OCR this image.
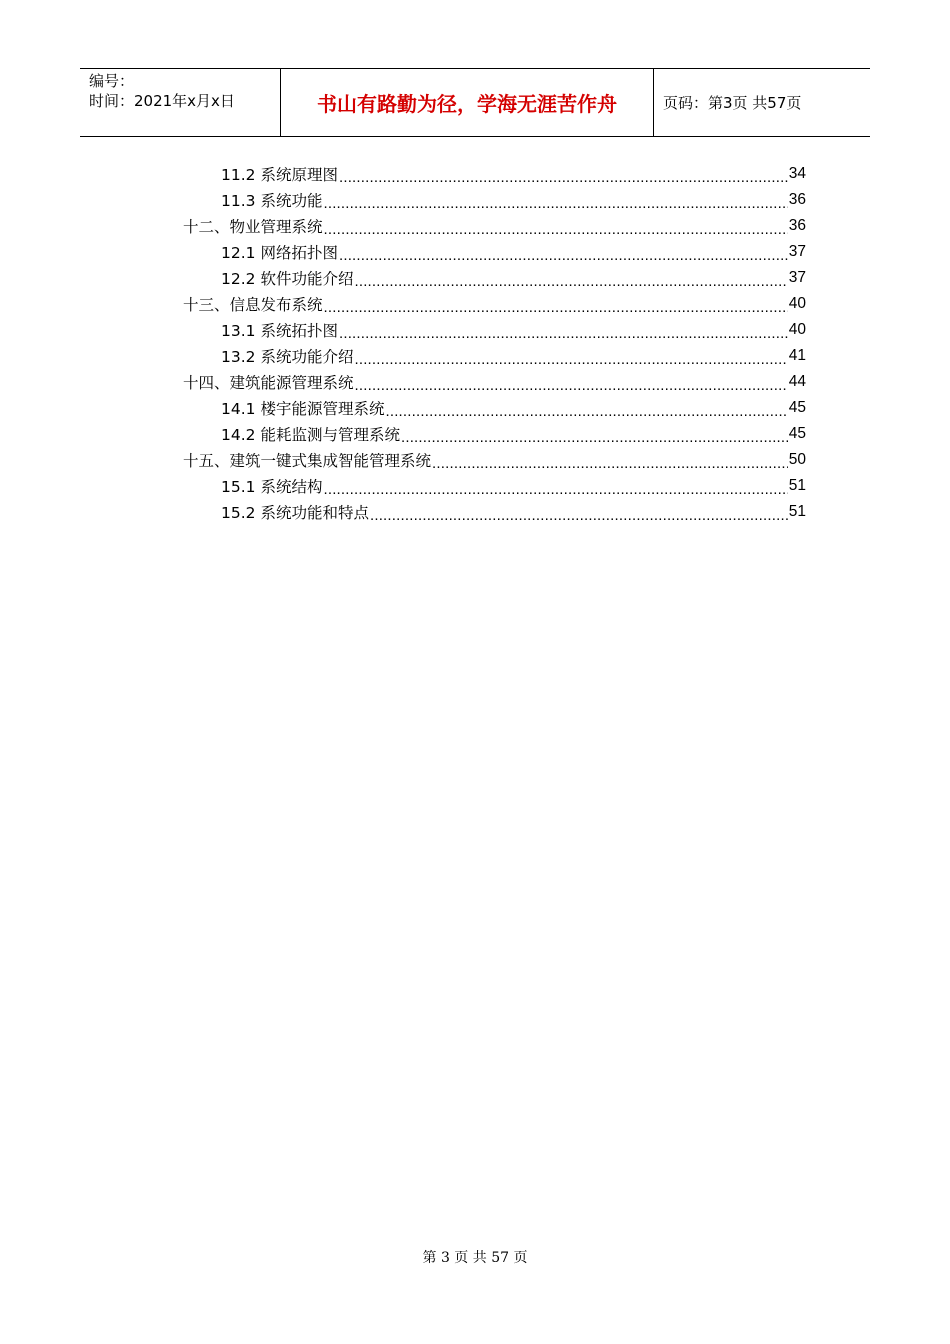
编号：
时间：2021年x月x日	书山有路勤为径，学海无涯苦作舟	页码：第3页 共57页
11.2 系统原理图 .....	34
11.3 系统功能 .....	36
十二、物业管理系统 .....	36
12.1 网络拓扑图 .....	37
12.2 软件功能介绍 .....	37
十三、信息发布系统 .....	40
13.1 系统拓扑图 .....	40
13.2 系统功能介绍 .....	41
十四、建筑能源管理系统 .....	44
14.1 楼宇能源管理系统 .....	45
14.2 能耗监测与管理系统 .....	45
十五、建筑一键式集成智能管理系统 .....	50
15.1 系统结构 .....	51
15.2 系统功能和特点 .....	51
第 3 页 共 57 页
